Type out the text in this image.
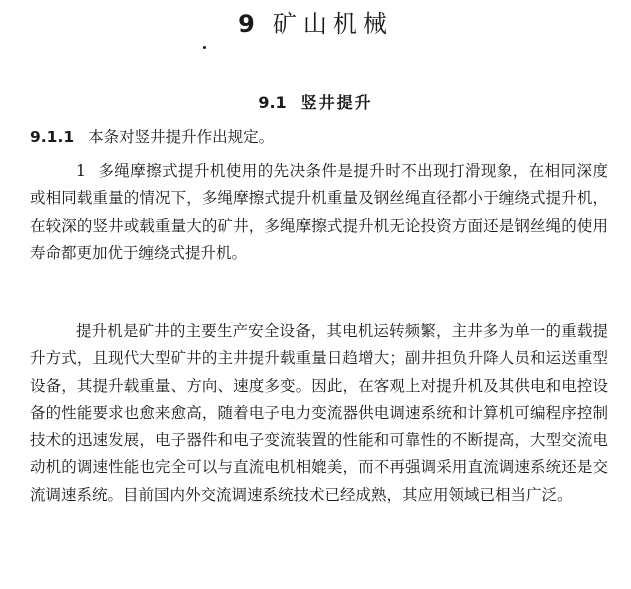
9 矿山机械
9.1 竖井提升
9.1.1 本条对竖井提升作出规定。
1 多绳摩擦式提升机使用的先决条件是提升时不出现打滑现象，在相同深度或相同载重量的情况下，多绳摩擦式提升机重量及钢丝绳直径都小于缠绕式提升机，在较深的竖井或载重量大的矿井，多绳摩擦式提升机无论投资方面还是钢丝绳的使用寿命都更加优于缠绕式提升机。
提升机是矿井的主要生产安全设备，其电机运转频繁，主井多为单一的重载提升方式，且现代大型矿井的主井提升载重量日趋增大；副井担负升降人员和运送重型设备，其提升载重量、方向、速度多变。因此，在客观上对提升机及其供电和电控设备的性能要求也愈来愈高，随着电子电力变流器供电调速系统和计算机可编程序控制技术的迅速发展，电子器件和电子变流装置的性能和可靠性的不断提高，大型交流电动机的调速性能也完全可以与直流电机相媲美，而不再强调采用直流调速系统还是交流调速系统。目前国内外交流调速系统技术已经成熟，其应用领域已相当广泛。
